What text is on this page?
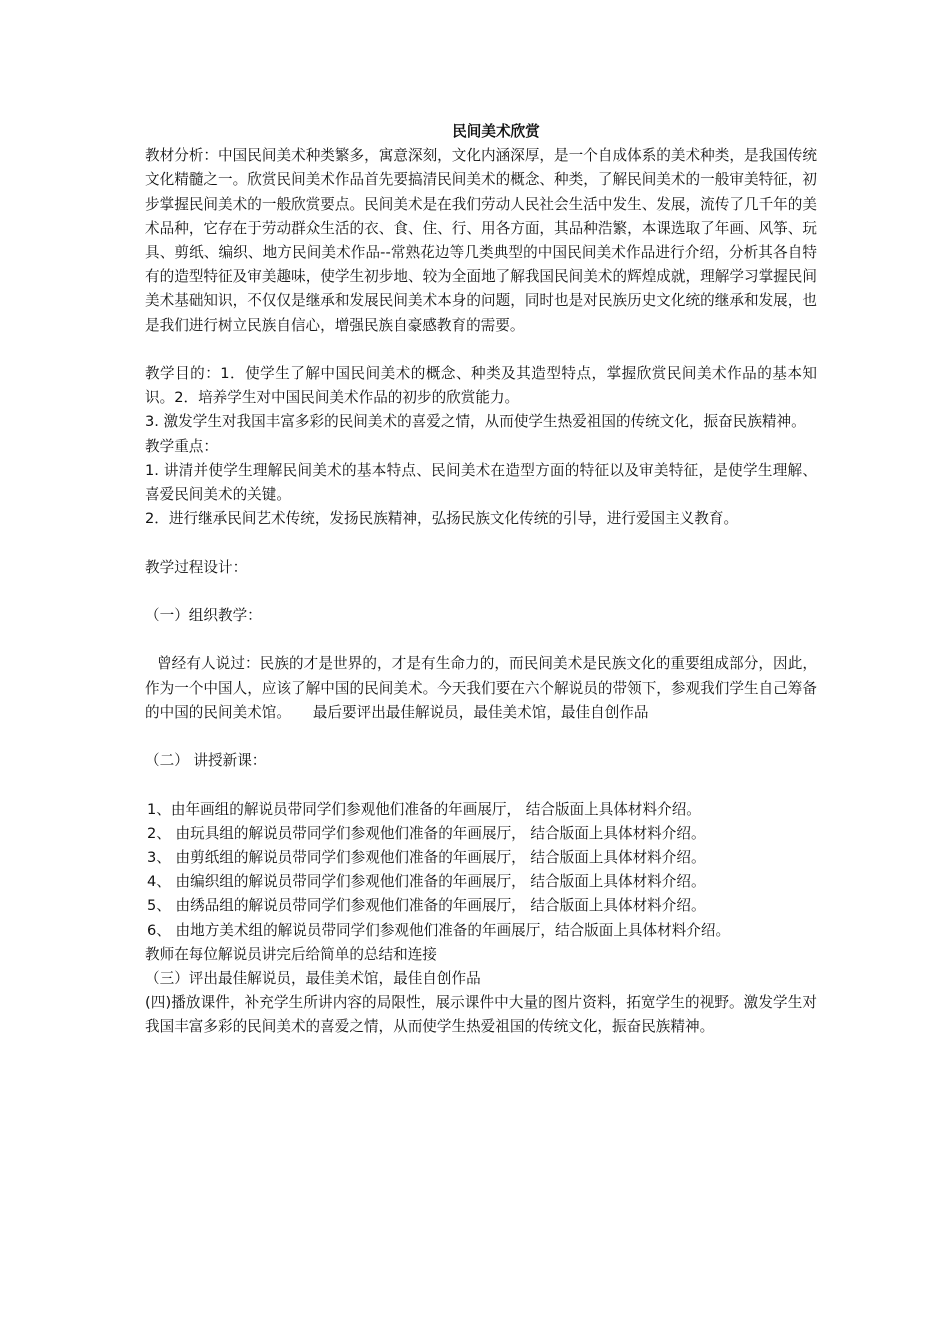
民间美术欣赏

教材分析：中国民间美术种类繁多，寓意深刻，文化内涵深厚，是一个自成体系的美术种类，是我国传统文化精髓之一。欣赏民间美术作品首先要搞清民间美术的概念、种类，了解民间美术的一般审美特征，初步掌握民间美术的一般欣赏要点。民间美术是在我们劳动人民社会生活中发生、发展，流传了几千年的美术品种，它存在于劳动群众生活的衣、食、住、行、用各方面，其品种浩繁，本课选取了年画、风筝、玩具、剪纸、编织、地方民间美术作品--常熟花边等几类典型的中国民间美术作品进行介绍，分析其各自特有的造型特征及审美趣味，使学生初步地、较为全面地了解我国民间美术的辉煌成就，理解学习掌握民间美术基础知识，不仅仅是继承和发展民间美术本身的问题，同时也是对民族历史文化统的继承和发展，也是我们进行树立民族自信心，增强民族自豪感教育的需要。

教学目的：1．使学生了解中国民间美术的概念、种类及其造型特点，掌握欣赏民间美术作品的基本知识。2．培养学生对中国民间美术作品的初步的欣赏能力。

3. 激发学生对我国丰富多彩的民间美术的喜爱之情，从而使学生热爱祖国的传统文化，振奋民族精神。

教学重点：

1. 讲清并使学生理解民间美术的基本特点、民间美术在造型方面的特征以及审美特征，是使学生理解、喜爱民间美术的关键。

2．进行继承民间艺术传统，发扬民族精神，弘扬民族文化传统的引导，进行爱国主义教育。

教学过程设计：

（一）组织教学：

曾经有人说过：民族的才是世界的，才是有生命力的，而民间美术是民族文化的重要组成部分，因此，作为一个中国人，应该了解中国的民间美术。今天我们要在六个解说员的带领下，参观我们学生自己筹备的中国的民间美术馆。　　最后要评出最佳解说员，最佳美术馆，最佳自创作品

（二） 讲授新课：

1、由年画组的解说员带同学们参观他们准备的年画展厅， 结合版面上具体材料介绍。

2、 由玩具组的解说员带同学们参观他们准备的年画展厅， 结合版面上具体材料介绍。

3、 由剪纸组的解说员带同学们参观他们准备的年画展厅， 结合版面上具体材料介绍。

4、 由编织组的解说员带同学们参观他们准备的年画展厅， 结合版面上具体材料介绍。

5、 由绣品组的解说员带同学们参观他们准备的年画展厅， 结合版面上具体材料介绍。

6、 由地方美术组的解说员带同学们参观他们准备的年画展厅，结合版面上具体材料介绍。

教师在每位解说员讲完后给简单的总结和连接

（三）评出最佳解说员，最佳美术馆，最佳自创作品

(四)播放课件，补充学生所讲内容的局限性，展示课件中大量的图片资料，拓宽学生的视野。激发学生对我国丰富多彩的民间美术的喜爱之情，从而使学生热爱祖国的传统文化，振奋民族精神。
